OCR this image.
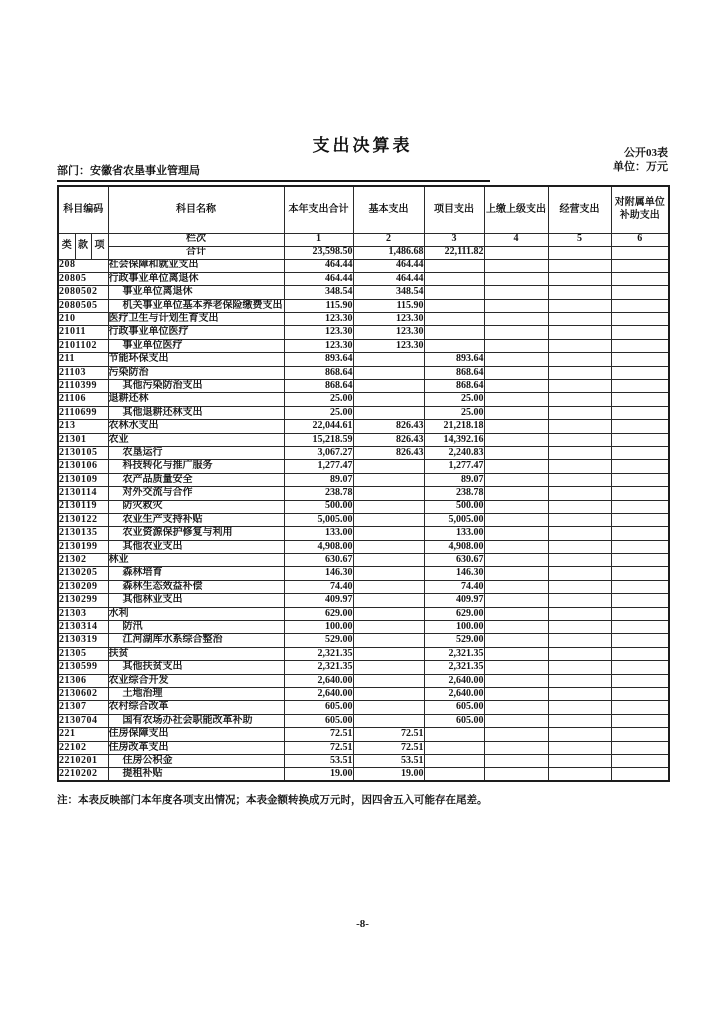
支出决算表	公开03表
单位：万元
部门：安徽省农垦事业管理局
科目编码			科目名称	本年支出合计	基本支出	项目支出	上缴上级支出	经营支出	对附属单位补助支出
类	款	项	栏次	1	2	3	4	5	6
			合计	23,598.50	1,486.68	22,111.82			
208			社会保障和就业支出	464.44	464.44				
20805			行政事业单位离退休	464.44	464.44				
2080502			事业单位离退休	348.54	348.54				
2080505			机关事业单位基本养老保险缴费支出	115.90	115.90				
210			医疗卫生与计划生育支出	123.30	123.30				
21011			行政事业单位医疗	123.30	123.30				
2101102			事业单位医疗	123.30	123.30				
211			节能环保支出	893.64		893.64			
21103			污染防治	868.64		868.64			
2110399			其他污染防治支出	868.64		868.64			
21106			退耕还林	25.00		25.00			
2110699			其他退耕还林支出	25.00		25.00			
213			农林水支出	22,044.61	826.43	21,218.18			
21301			农业	15,218.59	826.43	14,392.16			
2130105			农垦运行	3,067.27	826.43	2,240.83			
2130106			科技转化与推广服务	1,277.47		1,277.47			
2130109			农产品质量安全	89.07		89.07			
2130114			对外交流与合作	238.78		238.78			
2130119			防灾救灾	500.00		500.00			
2130122			农业生产支持补贴	5,005.00		5,005.00			
2130135			农业资源保护修复与利用	133.00		133.00			
2130199			其他农业支出	4,908.00		4,908.00			
21302			林业	630.67		630.67			
2130205			森林培育	146.30		146.30			
2130209			森林生态效益补偿	74.40		74.40			
2130299			其他林业支出	409.97		409.97			
21303			水利	629.00		629.00			
2130314			防汛	100.00		100.00			
2130319			江河湖库水系综合整治	529.00		529.00			
21305			扶贫	2,321.35		2,321.35			
2130599			其他扶贫支出	2,321.35		2,321.35			
21306			农业综合开发	2,640.00		2,640.00			
2130602			土地治理	2,640.00		2,640.00			
21307			农村综合改革	605.00		605.00			
2130704			国有农场办社会职能改革补助	605.00		605.00			
221			住房保障支出	72.51	72.51				
22102			住房改革支出	72.51	72.51				
2210201			住房公积金	53.51	53.51				
2210202			提租补贴	19.00	19.00				
注：本表反映部门本年度各项支出情况；本表金额转换成万元时，因四舍五入可能存在尾差。
-8-
